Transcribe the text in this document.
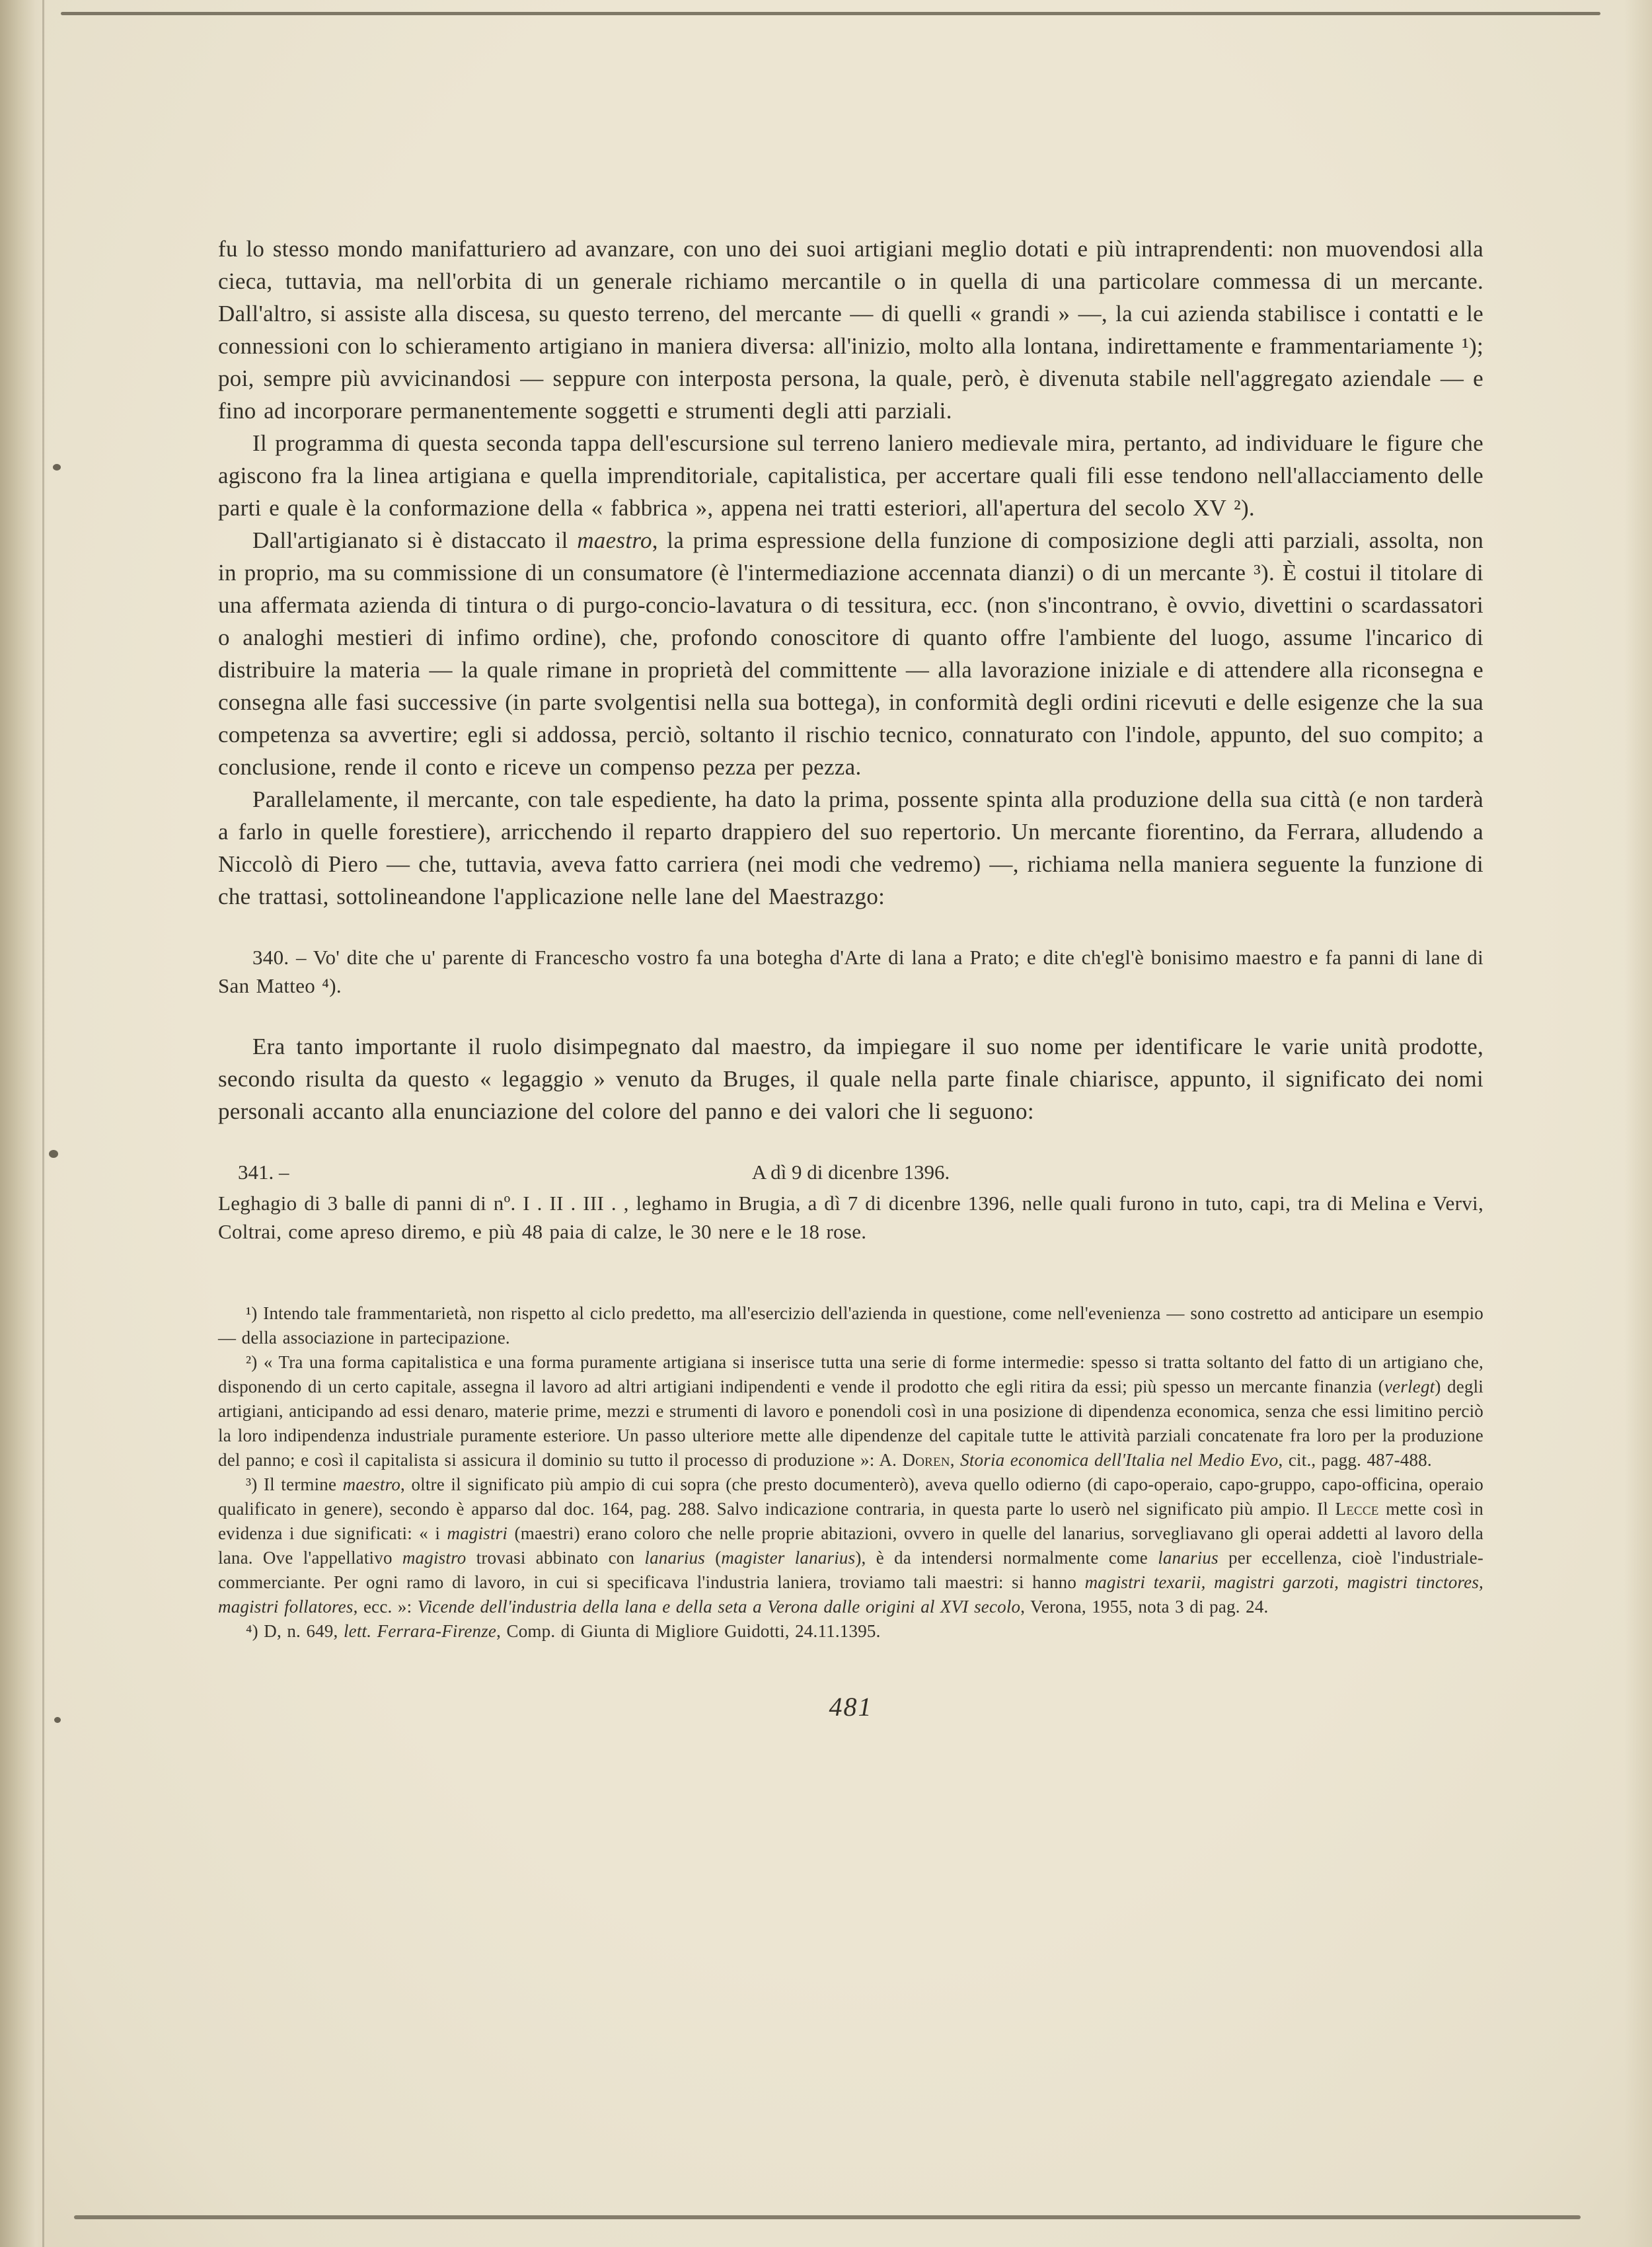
fu lo stesso mondo manifatturiero ad avanzare, con uno dei suoi artigiani meglio dotati e più intraprendenti: non muovendosi alla cieca, tuttavia, ma nell'orbita di un generale richiamo mercantile o in quella di una particolare commessa di un mercante. Dall'altro, si assiste alla discesa, su questo terreno, del mercante — di quelli « grandi » —, la cui azienda stabilisce i contatti e le connessioni con lo schieramento artigiano in maniera diversa: all'inizio, molto alla lontana, indirettamente e frammentariamente ¹); poi, sempre più avvicinandosi — seppure con interposta persona, la quale, però, è divenuta stabile nell'aggregato aziendale — e fino ad incorporare permanentemente soggetti e strumenti degli atti parziali.

Il programma di questa seconda tappa dell'escursione sul terreno laniero medievale mira, pertanto, ad individuare le figure che agiscono fra la linea artigiana e quella imprenditoriale, capitalistica, per accertare quali fili esse tendono nell'allacciamento delle parti e quale è la conformazione della « fabbrica », appena nei tratti esteriori, all'apertura del secolo XV ²).

Dall'artigianato si è distaccato il maestro, la prima espressione della funzione di composizione degli atti parziali, assolta, non in proprio, ma su commissione di un consumatore (è l'intermediazione accennata dianzi) o di un mercante ³). È costui il titolare di una affermata azienda di tintura o di purgo-concio-lavatura o di tessitura, ecc. (non s'incontrano, è ovvio, divettini o scardassatori o analoghi mestieri di infimo ordine), che, profondo conoscitore di quanto offre l'ambiente del luogo, assume l'incarico di distribuire la materia — la quale rimane in proprietà del committente — alla lavorazione iniziale e di attendere alla riconsegna e consegna alle fasi successive (in parte svolgentisi nella sua bottega), in conformità degli ordini ricevuti e delle esigenze che la sua competenza sa avvertire; egli si addossa, perciò, soltanto il rischio tecnico, connaturato con l'indole, appunto, del suo compito; a conclusione, rende il conto e riceve un compenso pezza per pezza.

Parallelamente, il mercante, con tale espediente, ha dato la prima, possente spinta alla produzione della sua città (e non tarderà a farlo in quelle forestiere), arricchendo il reparto drappiero del suo repertorio. Un mercante fiorentino, da Ferrara, alludendo a Niccolò di Piero — che, tuttavia, aveva fatto carriera (nei modi che vedremo) —, richiama nella maniera seguente la funzione di che trattasi, sottolineandone l'applicazione nelle lane del Maestrazgo:

340. – Vo' dite che u' parente di Francescho vostro fa una botegha d'Arte di lana a Prato; e dite ch'egl'è bonisimo maestro e fa panni di lane di San Matteo ⁴).

Era tanto importante il ruolo disimpegnato dal maestro, da impiegare il suo nome per identificare le varie unità prodotte, secondo risulta da questo « legaggio » venuto da Bruges, il quale nella parte finale chiarisce, appunto, il significato dei nomi personali accanto alla enunciazione del colore del panno e dei valori che li seguono:

341. –	A dì 9 di dicenbre 1396.

Leghagio di 3 balle di panni di nº. I . II . III . , leghamo in Brugia, a dì 7 di dicenbre 1396, nelle quali furono in tuto, capi, tra di Melina e Vervi, Coltrai, come apreso diremo, e più 48 paia di calze, le 30 nere e le 18 rose.

¹) Intendo tale frammentarietà, non rispetto al ciclo predetto, ma all'esercizio dell'azienda in questione, come nell'evenienza — sono costretto ad anticipare un esempio — della associazione in partecipazione.

²) « Tra una forma capitalistica e una forma puramente artigiana si inserisce tutta una serie di forme intermedie: spesso si tratta soltanto del fatto di un artigiano che, disponendo di un certo capitale, assegna il lavoro ad altri artigiani indipendenti e vende il prodotto che egli ritira da essi; più spesso un mercante finanzia (verlegt) degli artigiani, anticipando ad essi denaro, materie prime, mezzi e strumenti di lavoro e ponendoli così in una posizione di dipendenza economica, senza che essi limitino perciò la loro indipendenza industriale puramente esteriore. Un passo ulteriore mette alle dipendenze del capitale tutte le attività parziali concatenate fra loro per la produzione del panno; e così il capitalista si assicura il dominio su tutto il processo di produzione »: A. Doren, Storia economica dell'Italia nel Medio Evo, cit., pagg. 487-488.

³) Il termine maestro, oltre il significato più ampio di cui sopra (che presto documenterò), aveva quello odierno (di capo-operaio, capo-gruppo, capo-officina, operaio qualificato in genere), secondo è apparso dal doc. 164, pag. 288. Salvo indicazione contraria, in questa parte lo userò nel significato più ampio. Il Lecce mette così in evidenza i due significati: « i magistri (maestri) erano coloro che nelle proprie abitazioni, ovvero in quelle del lanarius, sorvegliavano gli operai addetti al lavoro della lana. Ove l'appellativo magistro trovasi abbinato con lanarius (magister lanarius), è da intendersi normalmente come lanarius per eccellenza, cioè l'industriale-commerciante. Per ogni ramo di lavoro, in cui si specificava l'industria laniera, troviamo tali maestri: si hanno magistri texarii, magistri garzoti, magistri tinctores, magistri follatores, ecc. »: Vicende dell'industria della lana e della seta a Verona dalle origini al XVI secolo, Verona, 1955, nota 3 di pag. 24.

⁴) D, n. 649, lett. Ferrara-Firenze, Comp. di Giunta di Migliore Guidotti, 24.11.1395.

481
